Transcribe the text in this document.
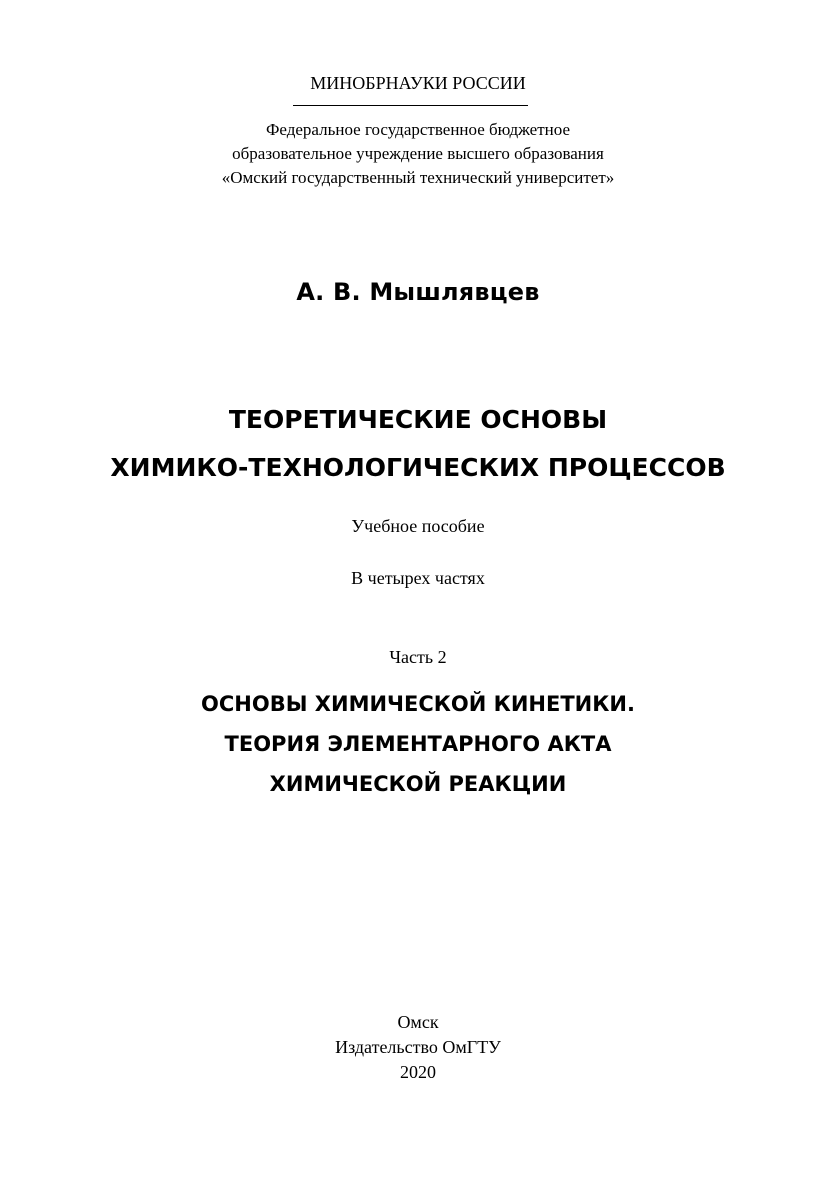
МИНОБРНАУКИ РОССИИ
Федеральное государственное бюджетное
образовательное учреждение высшего образования
«Омский государственный технический университет»
А. В. Мышлявцев
ТЕОРЕТИЧЕСКИЕ ОСНОВЫ
ХИМИКО-ТЕХНОЛОГИЧЕСКИХ ПРОЦЕССОВ
Учебное пособие
В четырех частях
Часть 2
ОСНОВЫ ХИМИЧЕСКОЙ КИНЕТИКИ.
ТЕОРИЯ ЭЛЕМЕНТАРНОГО АКТА
ХИМИЧЕСКОЙ РЕАКЦИИ
Омск
Издательство ОмГТУ
2020
